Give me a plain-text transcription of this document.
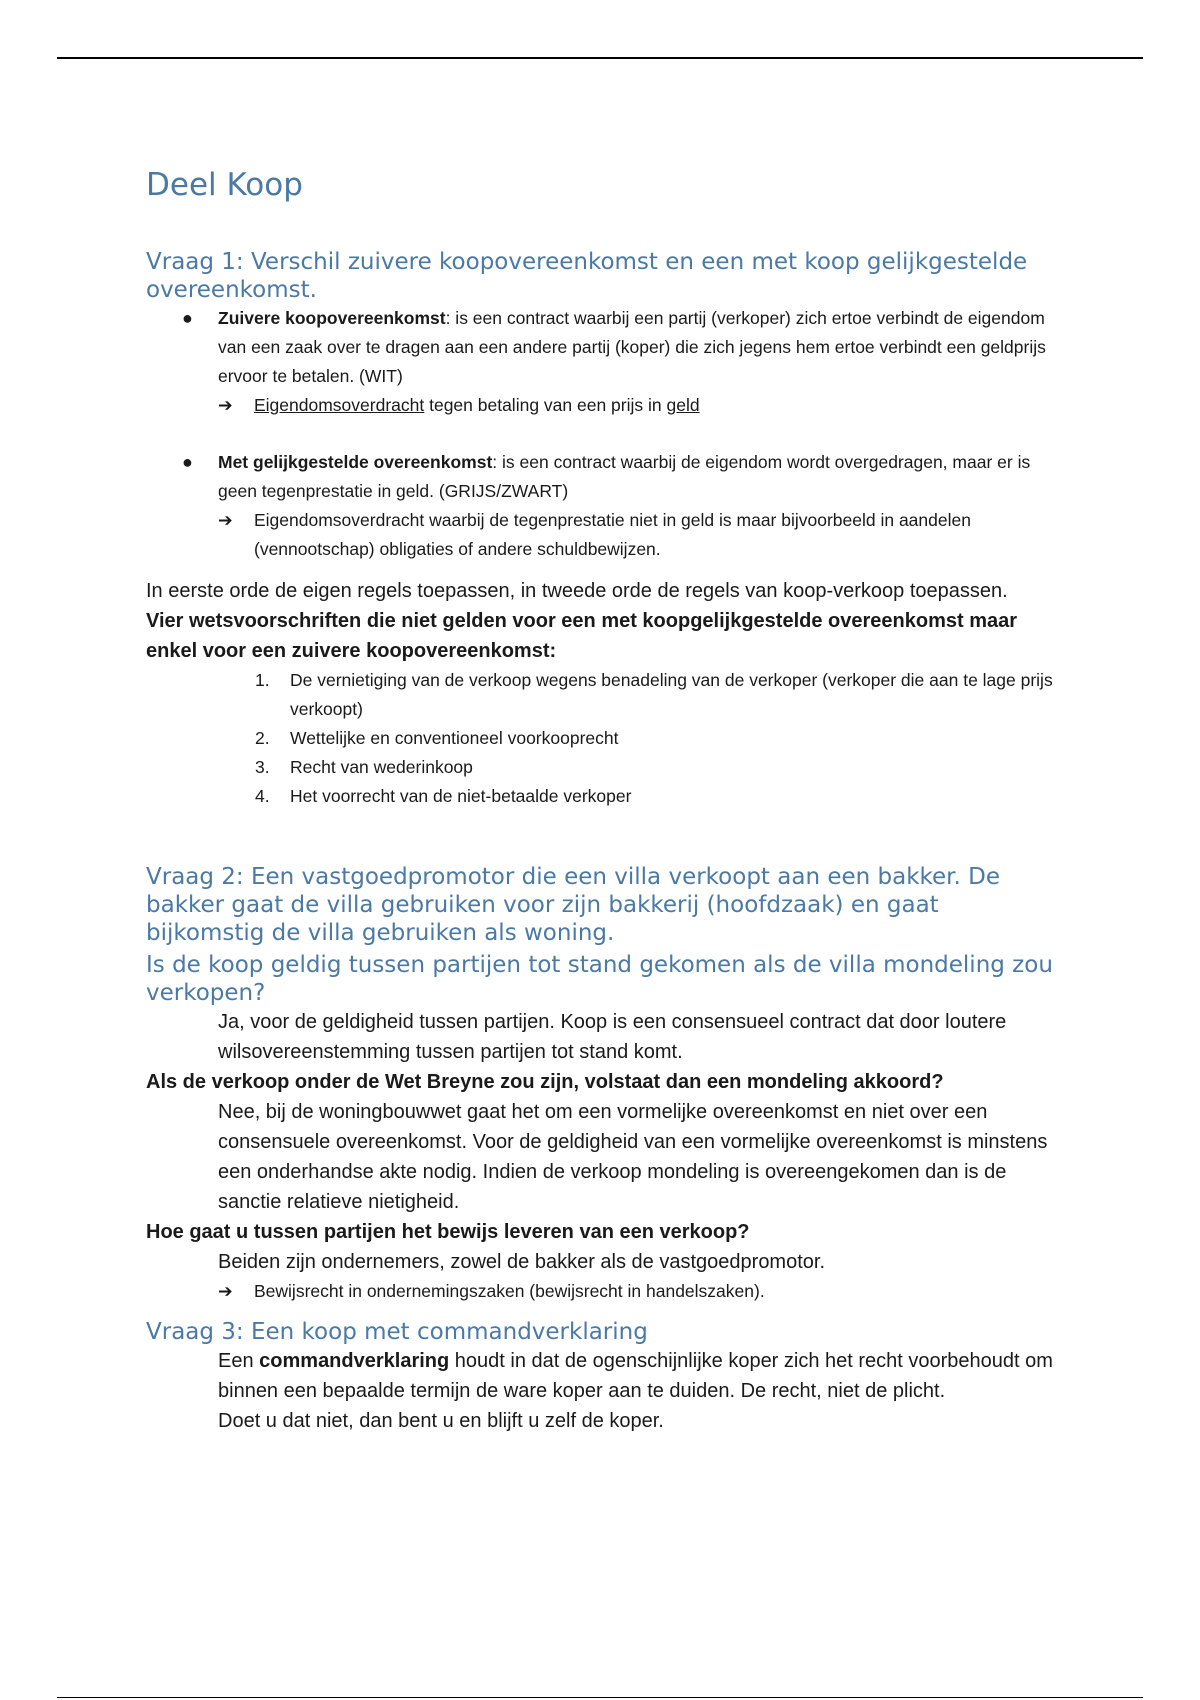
Deel Koop
Vraag 1: Verschil zuivere koopovereenkomst en een met koop gelijkgestelde overeenkomst.
● Zuivere koopovereenkomst: is een contract waarbij een partij (verkoper) zich ertoe verbindt de eigendom van een zaak over te dragen aan een andere partij (koper) die zich jegens hem ertoe verbindt een geldprijs ervoor te betalen. (WIT)
➔ Eigendomsoverdracht tegen betaling van een prijs in geld
● Met gelijkgestelde overeenkomst: is een contract waarbij de eigendom wordt overgedragen, maar er is geen tegenprestatie in geld. (GRIJS/ZWART)
➔ Eigendomsoverdracht waarbij de tegenprestatie niet in geld is maar bijvoorbeeld in aandelen (vennootschap) obligaties of andere schuldbewijzen.
In eerste orde de eigen regels toepassen, in tweede orde de regels van koop-verkoop toepassen.
Vier wetsvoorschriften die niet gelden voor een met koopgelijkgestelde overeenkomst maar enkel voor een zuivere koopovereenkomst:
1. De vernietiging van de verkoop wegens benadeling van de verkoper (verkoper die aan te lage prijs verkoopt)
2. Wettelijke en conventioneel voorkooprecht
3. Recht van wederinkoop
4. Het voorrecht van de niet-betaalde verkoper
Vraag 2: Een vastgoedpromotor die een villa verkoopt aan een bakker. De bakker gaat de villa gebruiken voor zijn bakkerij (hoofdzaak) en gaat bijkomstig de villa gebruiken als woning.
Is de koop geldig tussen partijen tot stand gekomen als de villa mondeling zou verkopen?
Ja, voor de geldigheid tussen partijen. Koop is een consensueel contract dat door loutere wilsovereenstemming tussen partijen tot stand komt.
Als de verkoop onder de Wet Breyne zou zijn, volstaat dan een mondeling akkoord?
Nee, bij de woningbouwwet gaat het om een vormelijke overeenkomst en niet over een consensuele overeenkomst. Voor de geldigheid van een vormelijke overeenkomst is minstens een onderhandse akte nodig. Indien de verkoop mondeling is overeengekomen dan is de sanctie relatieve nietigheid.
Hoe gaat u tussen partijen het bewijs leveren van een verkoop?
Beiden zijn ondernemers, zowel de bakker als de vastgoedpromotor.
➔ Bewijsrecht in ondernemingszaken (bewijsrecht in handelszaken).
Vraag 3: Een koop met commandverklaring
Een commandverklaring houdt in dat de ogenschijnlijke koper zich het recht voorbehoudt om binnen een bepaalde termijn de ware koper aan te duiden. De recht, niet de plicht.
Doet u dat niet, dan bent u en blijft u zelf de koper.
